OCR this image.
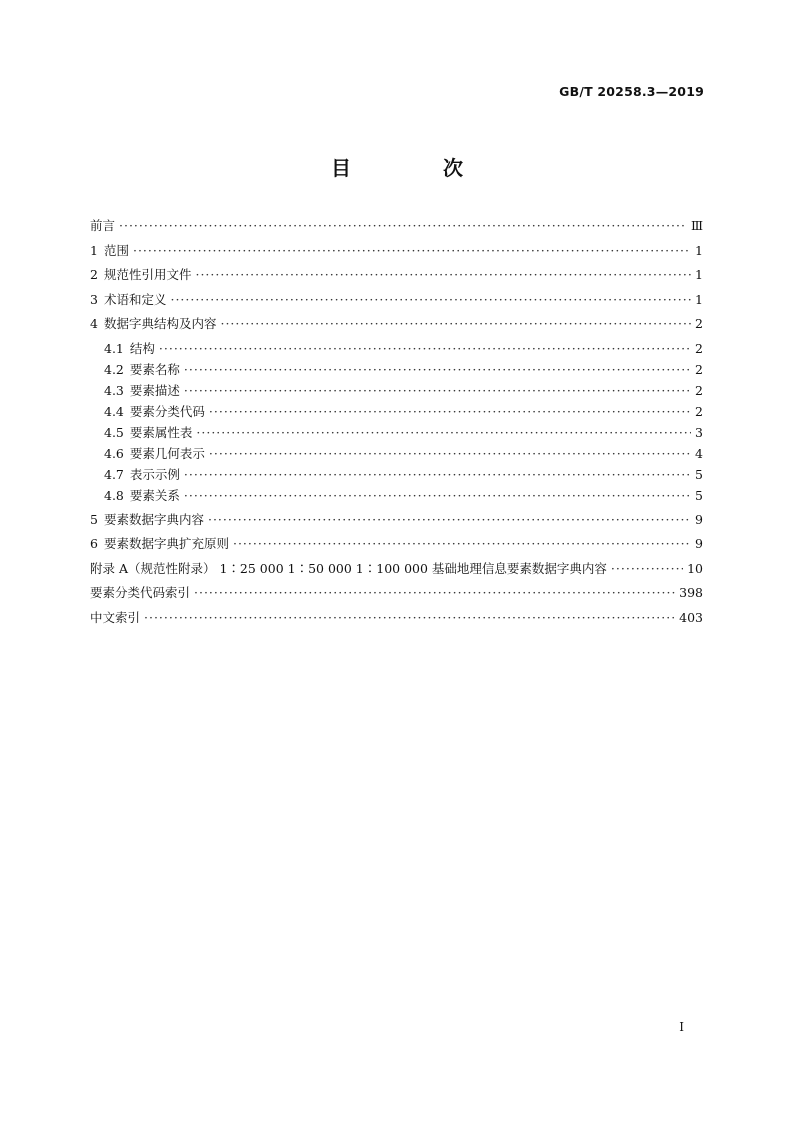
GB/T 20258.3—2019
目　次
前言 ·····	Ⅲ
1 范围 ·····	1
2 规范性引用文件 ·····	1
3 术语和定义 ·····	1
4 数据字典结构及内容 ·····	2
4.1 结构 ·····	2
4.2 要素名称 ·····	2
4.3 要素描述 ·····	2
4.4 要素分类代码 ·····	2
4.5 要素属性表 ·····	3
4.6 要素几何表示 ·····	4
4.7 表示示例 ·····	5
4.8 要素关系 ·····	5
5 要素数据字典内容 ·····	9
6 要素数据字典扩充原则 ·····	9
附录 A（规范性附录） 1∶25 000 1∶50 000 1∶100 000 基础地理信息要素数据字典内容 ·····	10
要素分类代码索引 ·····	398
中文索引 ·····	403
I
